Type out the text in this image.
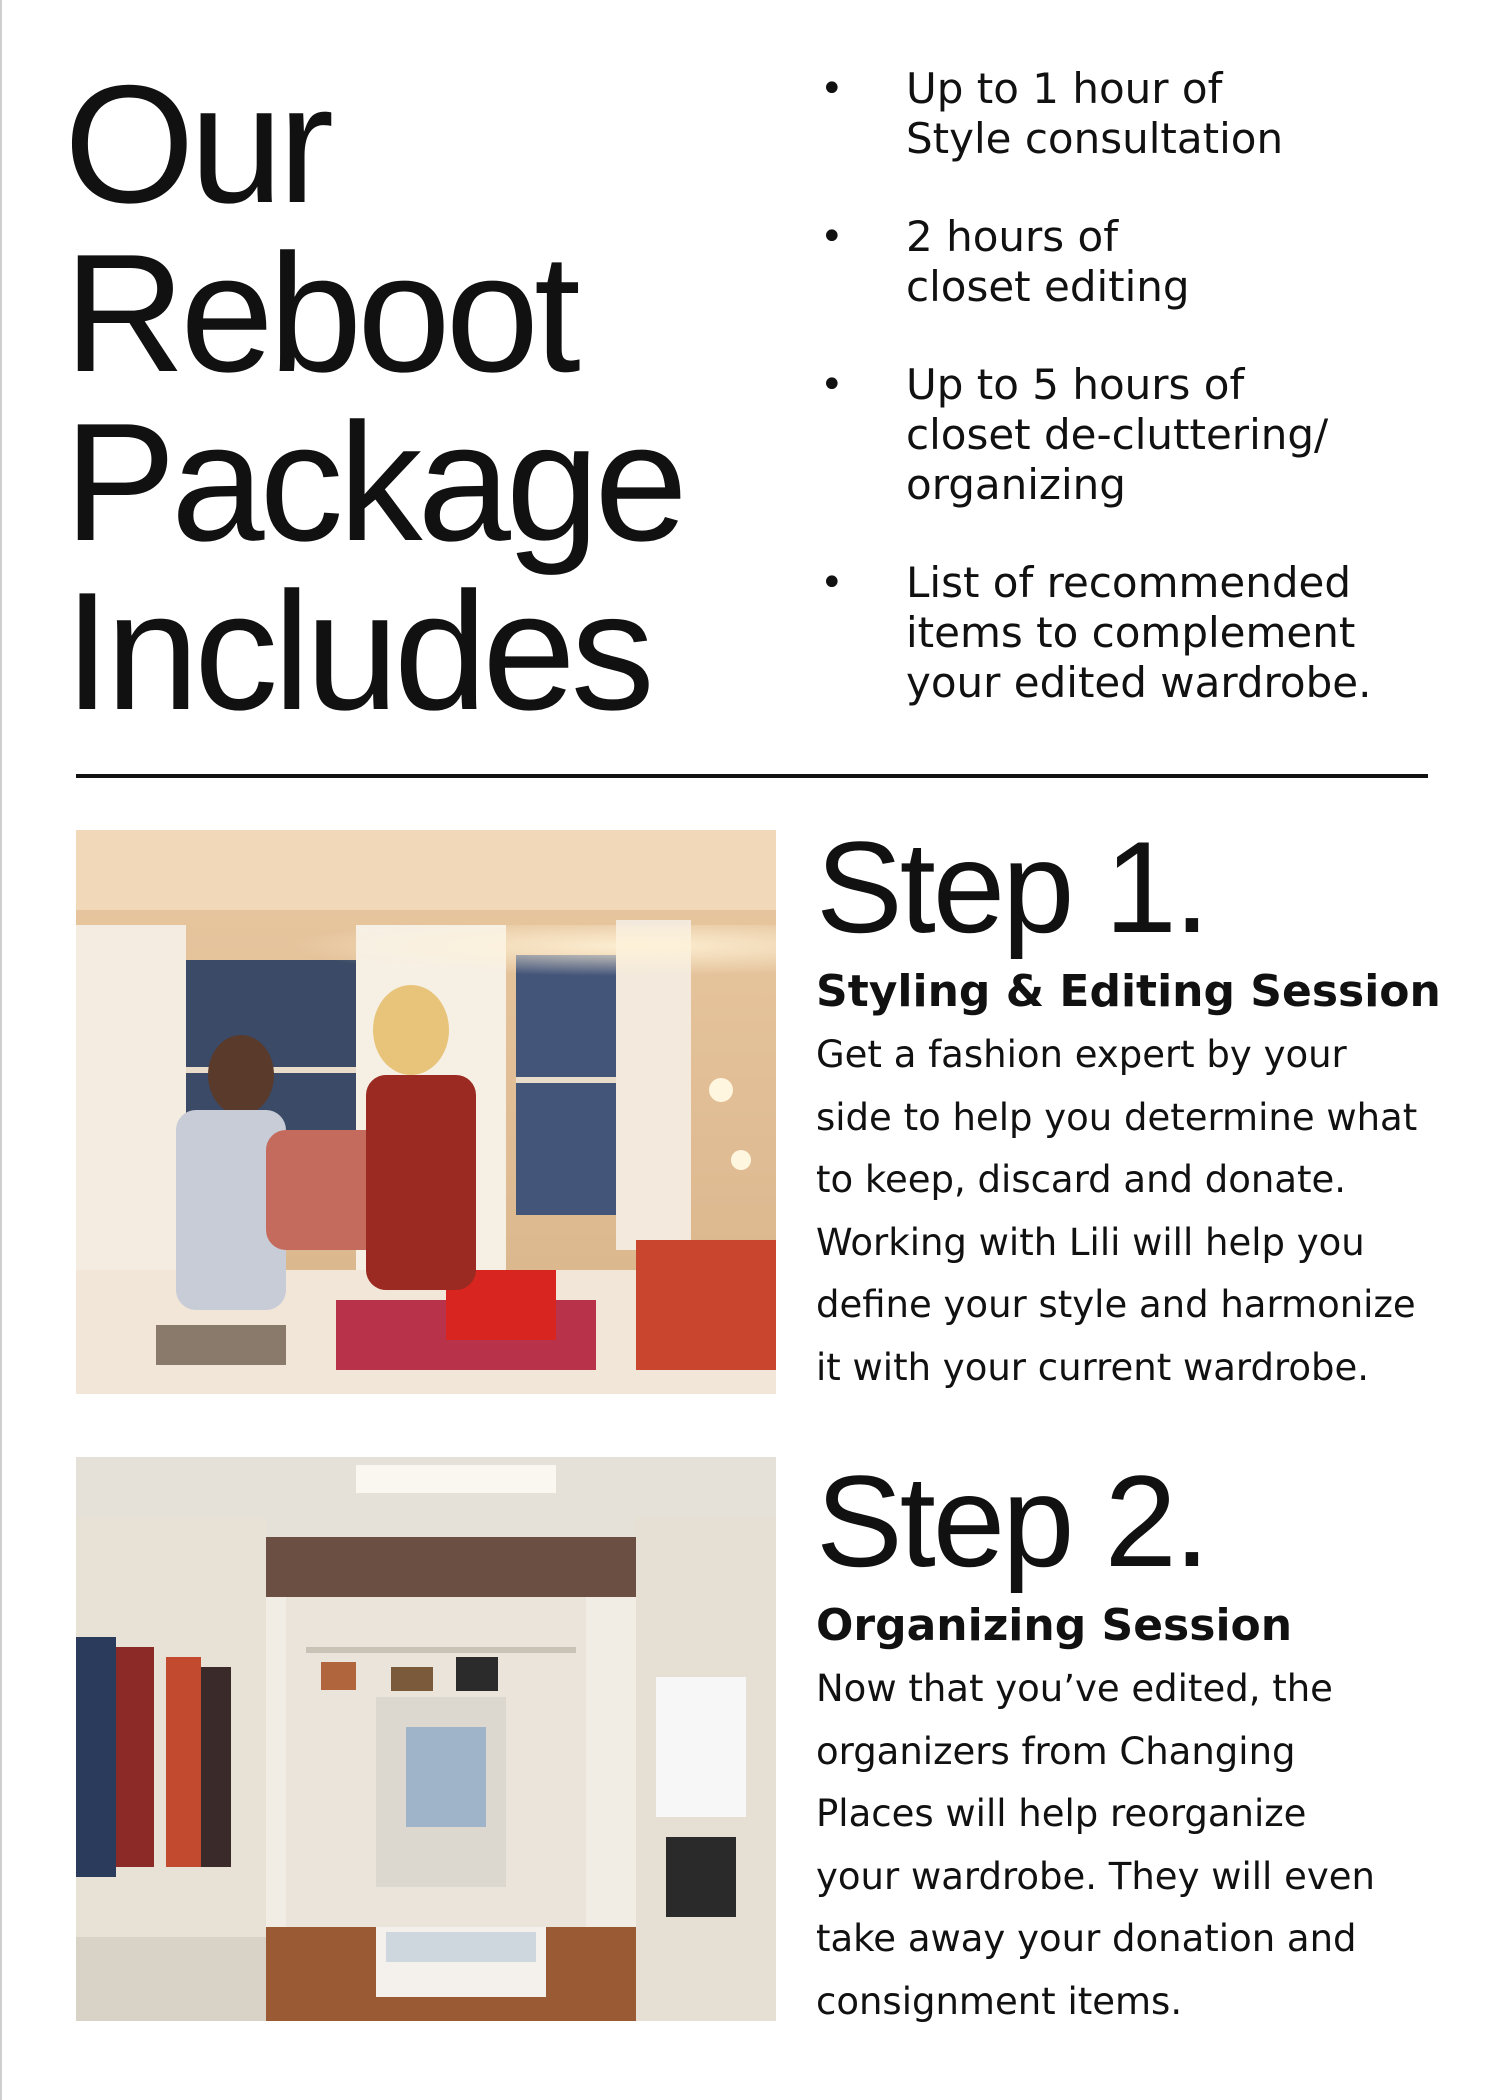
Our
Reboot
Package
Includes
• Up to 1 hour of
Style consultation
• 2 hours of
closet editing
• Up to 5 hours of
closet de-cluttering/
organizing
• List of recommended
items to complement
your edited wardrobe.
Step 1.
Styling & Editing Session

Get a fashion expert by your
side to help you determine what
to keep, discard and donate.
Working with Lili will help you
define your style and harmonize
it with your current wardrobe.

Step 2.
Organizing Session

Now that you’ve edited, the
organizers from Changing
Places will help reorganize
your wardrobe. They will even
take away your donation and
consignment items.
